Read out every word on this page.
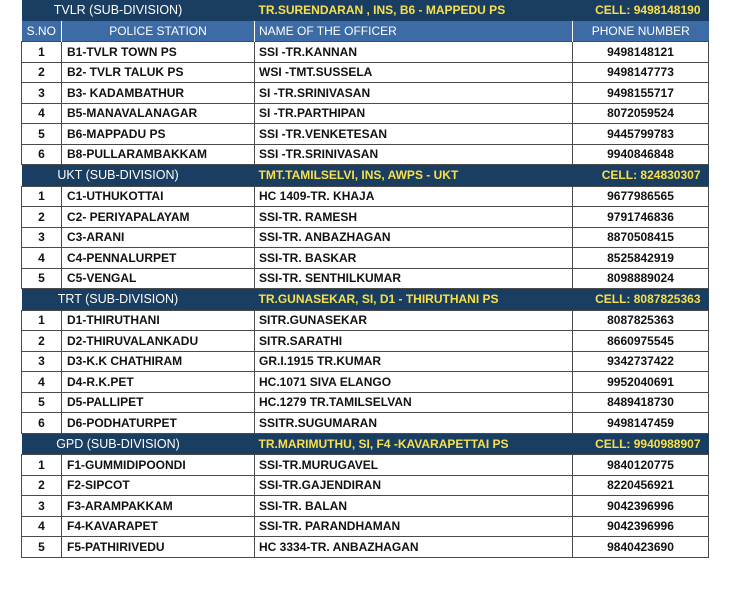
TVLR (SUB-DIVISION)		TR.SURENDARAN , INS, B6 - MAPPEDU PS	CELL: 9498148190
S.NO	POLICE STATION	NAME OF THE OFFICER	PHONE NUMBER
1	B1-TVLR TOWN PS	SSI -TR.KANNAN	9498148121
2	B2- TVLR TALUK PS	WSI -TMT.SUSSELA	9498147773
3	B3- KADAMBATHUR	SI -TR.SRINIVASAN	9498155717
4	B5-MANAVALANAGAR	SI -TR.PARTHIPAN	8072059524
5	B6-MAPPADU PS	SSI -TR.VENKETESAN	9445799783
6	B8-PULLARAMBAKKAM	SSI -TR.SRINIVASAN	9940846848
UKT (SUB-DIVISION)		TMT.TAMILSELVI, INS, AWPS - UKT	CELL: 824830307
1	C1-UTHUKOTTAI	HC 1409-TR. KHAJA	9677986565
2	C2- PERIYAPALAYAM	SSI-TR. RAMESH	9791746836
3	C3-ARANI	SSI-TR. ANBAZHAGAN	8870508415
4	C4-PENNALURPET	SSI-TR. BASKAR	8525842919
5	C5-VENGAL	SSI-TR. SENTHILKUMAR	8098889024
TRT (SUB-DIVISION)		TR.GUNASEKAR, SI, D1 - THIRUTHANI PS	CELL: 8087825363
1	D1-THIRUTHANI	SITR.GUNASEKAR	8087825363
2	D2-THIRUVALANKADU	SITR.SARATHI	8660975545
3	D3-K.K CHATHIRAM	GR.I.1915 TR.KUMAR	9342737422
4	D4-R.K.PET	HC.1071 SIVA ELANGO	9952040691
5	D5-PALLIPET	HC.1279 TR.TAMILSELVAN	8489418730
6	D6-PODHATURPET	SSITR.SUGUMARAN	9498147459
GPD (SUB-DIVISION)		TR.MARIMUTHU, SI, F4 -KAVARAPETTAI PS	CELL: 9940988907
1	F1-GUMMIDIPOONDI	SSI-TR.MURUGAVEL	9840120775
2	F2-SIPCOT	SSI-TR.GAJENDIRAN	8220456921
3	F3-ARAMPAKKAM	SSI-TR. BALAN	9042396996
4	F4-KAVARAPET	SSI-TR. PARANDHAMAN	9042396996
5	F5-PATHIRIVEDU	HC 3334-TR. ANBAZHAGAN	9840423690
